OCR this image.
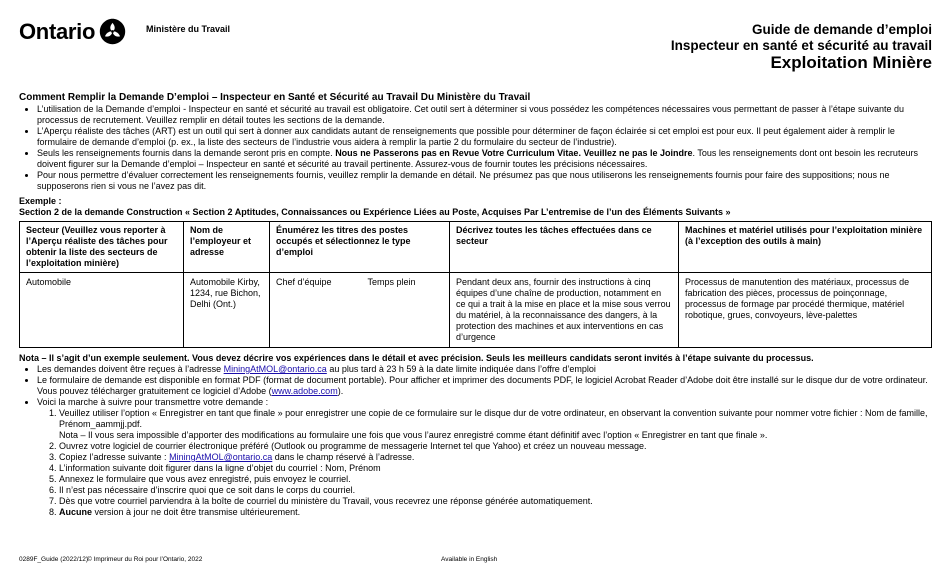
Ontario	Ministère du Travail	Guide de demande d’emploi
Inspecteur en santé et sécurité au travail
Exploitation Minière
Comment Remplir la Demande D’emploi – Inspecteur en Santé et Sécurité au Travail Du Ministère du Travail
• L’utilisation de la Demande d’emploi - Inspecteur en santé et sécurité au travail est obligatoire. Cet outil sert à déterminer si vous possédez les compétences nécessaires vous permettant de passer à l’étape suivante du processus de recrutement. Veuillez remplir en détail toutes les sections de la demande.
• L’Aperçu réaliste des tâches (ART) est un outil qui sert à donner aux candidats autant de renseignements que possible pour déterminer de façon éclairée si cet emploi est pour eux. Il peut également aider à remplir le formulaire de demande d’emploi (p. ex., la liste des secteurs de l’industrie vous aidera à remplir la partie 2 du formulaire du secteur de l’industrie).
• Seuls les renseignements fournis dans la demande seront pris en compte. Nous ne Passerons pas en Revue Votre Curriculum Vitae. Veuillez ne pas le Joindre. Tous les renseignements dont ont besoin les recruteurs doivent figurer sur la Demande d’emploi – Inspecteur en santé et sécurité au travail pertinente. Assurez-vous de fournir toutes les précisions nécessaires.
• Pour nous permettre d’évaluer correctement les renseignements fournis, veuillez remplir la demande en détail. Ne présumez pas que nous utiliserons les renseignements fournis pour faire des suppositions; nous ne supposerons rien si vous ne l’avez pas dit.
Exemple :
Section 2 de la demande Construction « Section 2 Aptitudes, Connaissances ou Expérience Liées au Poste, Acquises Par L’entremise de l’un des Éléments Suivants »
Secteur (Veuillez vous reporter à l’Aperçu réaliste des tâches pour obtenir la liste des secteurs de l’exploitation minière)	Nom de l’employeur et adresse	Énumérez les titres des postes occupés et sélectionnez le type d’emploi		Décrivez toutes les tâches effectuées dans ce secteur	Machines et matériel utilisés pour l’exploitation minière (à l’exception des outils à main)
Automobile	Automobile Kirby, 1234, rue Bichon, Delhi (Ont.)	Chef d’équipe	Temps plein	Pendant deux ans, fournir des instructions à cinq équipes d’une chaîne de production, notamment en ce qui a trait à la mise en place et la mise sous verrou du matériel, à la reconnaissance des dangers, à la protection des machines et aux interventions en cas d’urgence	Processus de manutention des matériaux, processus de fabrication des pièces, processus de poinçonnage, processus de formage par procédé thermique, matériel robotique, grues, convoyeurs, lève-palettes
Nota – Il s’agit d’un exemple seulement. Vous devez décrire vos expériences dans le détail et avec précision. Seuls les meilleurs candidats seront invités à l’étape suivante du processus.
• Les demandes doivent être reçues à l’adresse MiningAtMOL@ontario.ca au plus tard à 23 h 59 à la date limite indiquée dans l’offre d’emploi
• Le formulaire de demande est disponible en format PDF (format de document portable). Pour afficher et imprimer des documents PDF, le logiciel Acrobat Reader d’Adobe doit être installé sur le disque dur de votre ordinateur. Vous pouvez télécharger gratuitement ce logiciel d’Adobe (www.adobe.com).
• Voici la marche à suivre pour transmettre votre demande :
1. Veuillez utiliser l’option « Enregistrer en tant que finale » pour enregistrer une copie de ce formulaire sur le disque dur de votre ordinateur, en observant la convention suivante pour nommer votre fichier : Nom de famille, Prénom_aammjj.pdf.
Nota – Il vous sera impossible d’apporter des modifications au formulaire une fois que vous l’aurez enregistré comme étant définitif avec l’option « Enregistrer en tant que finale ».
2. Ouvrez votre logiciel de courrier électronique préféré (Outlook ou programme de messagerie Internet tel que Yahoo) et créez un nouveau message.
3. Copiez l’adresse suivante : MiningAtMOL@ontario.ca dans le champ réservé à l’adresse.
4. L’information suivante doit figurer dans la ligne d’objet du courriel : Nom, Prénom
5. Annexez le formulaire que vous avez enregistré, puis envoyez le courriel.
6. Il n’est pas nécessaire d’inscrire quoi que ce soit dans le corps du courriel.
7. Dès que votre courriel parviendra à la boîte de courriel du ministère du Travail, vous recevrez une réponse générée automatiquement.
8. Aucune version à jour ne doit être transmise ultérieurement.
0289F_Guide (2022/12)
© Imprimeur du Roi pour l’Ontario, 2022	Available in English
